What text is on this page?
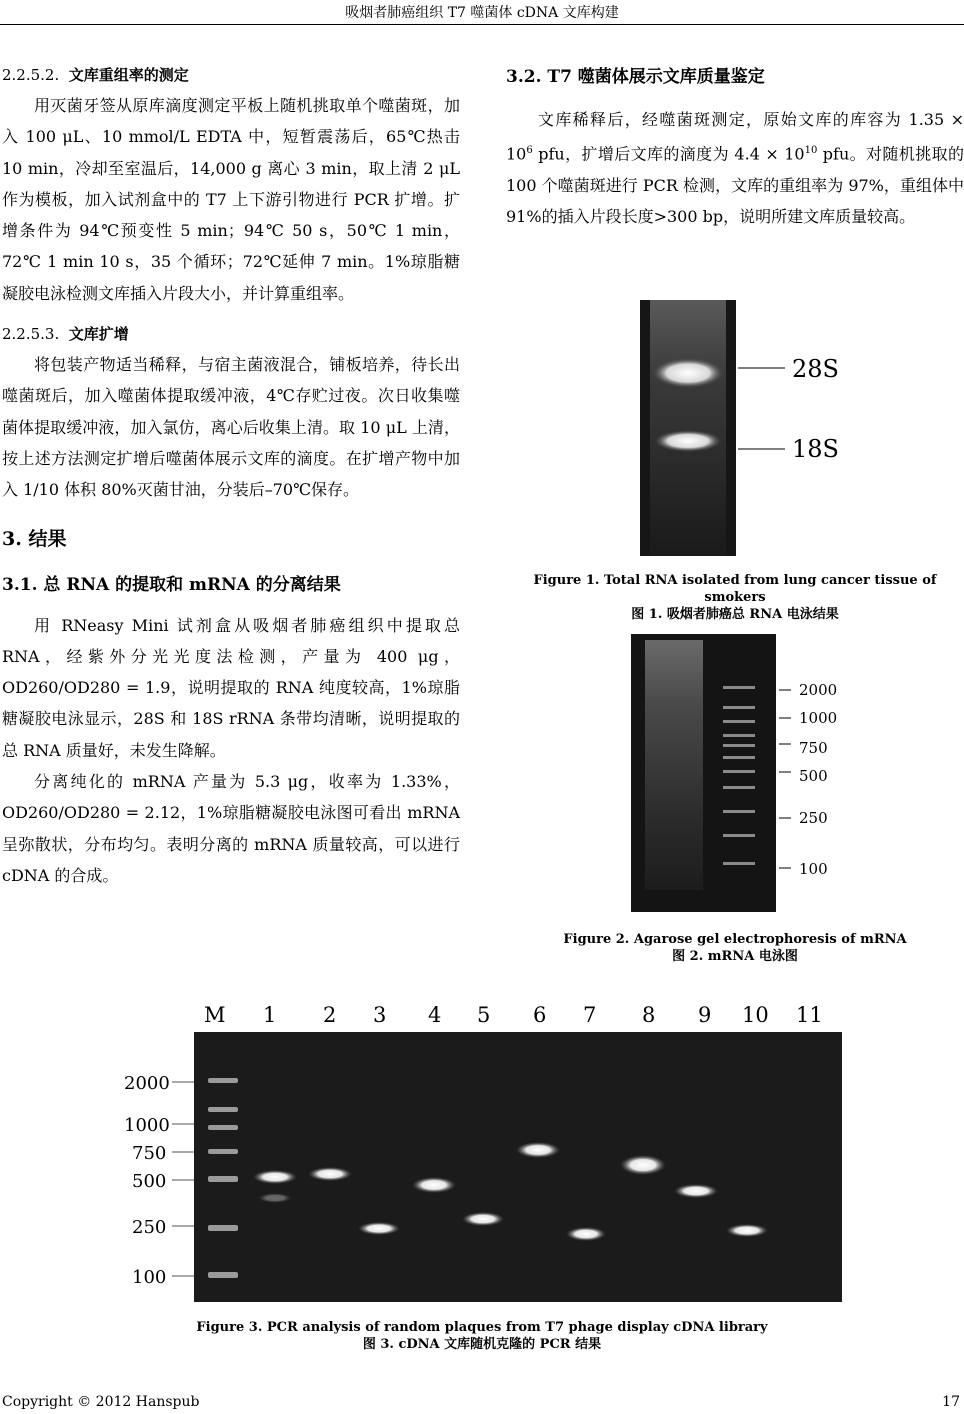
吸烟者肺癌组织 T7 噬菌体 cDNA 文库构建
2.2.5.2. 文库重组率的测定

用灭菌牙签从原库滴度测定平板上随机挑取单个噬菌斑，加入 100 μL、10 mmol/L EDTA 中，短暂震荡后，65℃热击 10 min，冷却至室温后，14,000 g 离心 3 min，取上清 2 μL 作为模板，加入试剂盒中的 T7 上下游引物进行 PCR 扩增。扩增条件为 94℃预变性 5 min；94℃ 50 s，50℃ 1 min，72℃ 1 min 10 s，35 个循环；72℃延伸 7 min。1%琼脂糖凝胶电泳检测文库插入片段大小，并计算重组率。

2.2.5.3. 文库扩增

将包装产物适当稀释，与宿主菌液混合，铺板培养，待长出噬菌斑后，加入噬菌体提取缓冲液，4℃存贮过夜。次日收集噬菌体提取缓冲液，加入氯仿，离心后收集上清。取 10 μL 上清，按上述方法测定扩增后噬菌体展示文库的滴度。在扩增产物中加入 1/10 体积 80%灭菌甘油，分装后–70℃保存。

3. 结果
3.1. 总 RNA 的提取和 mRNA 的分离结果

用 RNeasy Mini 试剂盒从吸烟者肺癌组织中提取总 RNA，经紫外分光光度法检测，产量为 400 μg，OD260/OD280 = 1.9，说明提取的 RNA 纯度较高，1%琼脂糖凝胶电泳显示，28S 和 18S rRNA 条带均清晰，说明提取的总 RNA 质量好，未发生降解。

分离纯化的 mRNA 产量为 5.3 μg，收率为 1.33%，OD260/OD280 = 2.12，1%琼脂糖凝胶电泳图可看出 mRNA 呈弥散状，分布均匀。表明分离的 mRNA 质量较高，可以进行 cDNA 的合成。

3.2. T7 噬菌体展示文库质量鉴定

文库稀释后，经噬菌斑测定，原始文库的库容为 $1.35 \times 10^6$ pfu，扩增后文库的滴度为 $4.4 \times 10^{10}$ pfu。对随机挑取的 100 个噬菌斑进行 PCR 检测，文库的重组率为 97%，重组体中 91%的插入片段长度>300 bp，说明所建文库质量较高。

28S
18S
Figure 1. Total RNA isolated from lung cancer tissue of smokers
图 1. 吸烟者肺癌总 RNA 电泳结果
2000
1000
750
500
250
100
Figure 2. Agarose gel electrophoresis of mRNA
图 2. mRNA 电泳图
M 1 2 3 4 5 6 7 8 9 10 11
2000
1000
750
500
250
100
Figure 3. PCR analysis of random plaques from T7 phage display cDNA library
图 3. cDNA 文库随机克隆的 PCR 结果
Copyright © 2012 Hanspub	17
